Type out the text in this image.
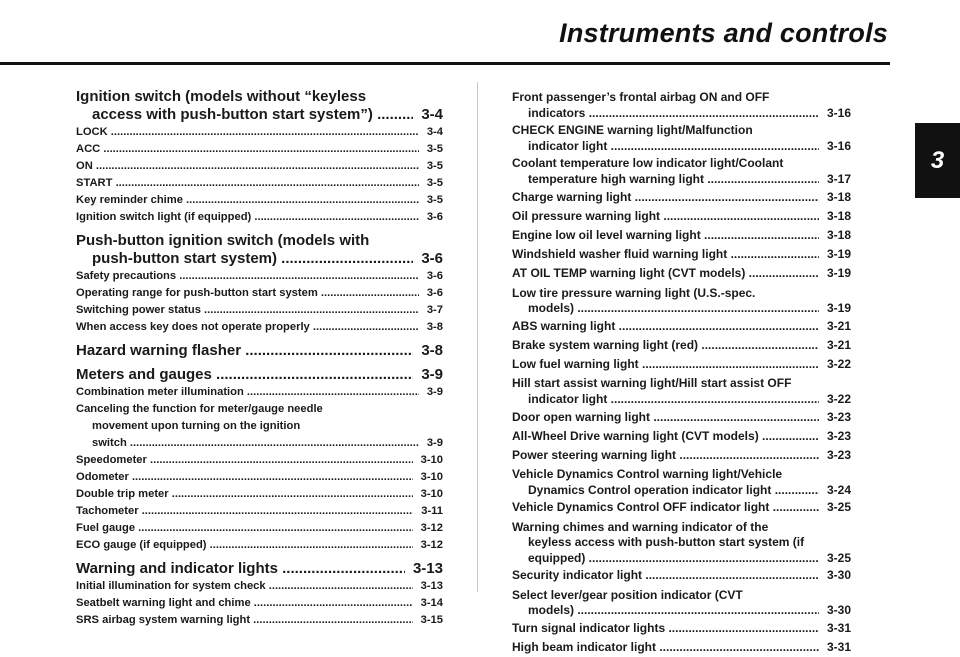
Instruments and controls
3
Ignition switch (models without “keyless
access with push-button start system”) .....	3-4
LOCK .....	3-4
ACC .....	3-5
ON .....	3-5
START .....	3-5
Key reminder chime .....	3-5
Ignition switch light (if equipped) .....	3-6
Push-button ignition switch (models with
push-button start system) .....	3-6
Safety precautions .....	3-6
Operating range for push-button start system .....	3-6
Switching power status .....	3-7
When access key does not operate properly .....	3-8
Hazard warning flasher .....	3-8
Meters and gauges .....	3-9
Combination meter illumination .....	3-9
Canceling the function for meter/gauge needle
movement upon turning on the ignition
switch .....	3-9
Speedometer .....	3-10
Odometer .....	3-10
Double trip meter .....	3-10
Tachometer .....	3-11
Fuel gauge .....	3-12
ECO gauge (if equipped) .....	3-12
Warning and indicator lights .....	3-13
Initial illumination for system check .....	3-13
Seatbelt warning light and chime .....	3-14
SRS airbag system warning light .....	3-15
Front passenger’s frontal airbag ON and OFF
indicators .....	3-16
CHECK ENGINE warning light/Malfunction
indicator light .....	3-16
Coolant temperature low indicator light/Coolant
temperature high warning light .....	3-17
Charge warning light .....	3-18
Oil pressure warning light .....	3-18
Engine low oil level warning light .....	3-18
Windshield washer fluid warning light .....	3-19
AT OIL TEMP warning light (CVT models) .....	3-19
Low tire pressure warning light (U.S.-spec.
models) .....	3-19
ABS warning light .....	3-21
Brake system warning light (red) .....	3-21
Low fuel warning light .....	3-22
Hill start assist warning light/Hill start assist OFF
indicator light .....	3-22
Door open warning light .....	3-23
All-Wheel Drive warning light (CVT models) .....	3-23
Power steering warning light .....	3-23
Vehicle Dynamics Control warning light/Vehicle
Dynamics Control operation indicator light .....	3-24
Vehicle Dynamics Control OFF indicator light .....	3-25
Warning chimes and warning indicator of the
keyless access with push-button start system (if
equipped) .....	3-25
Security indicator light .....	3-30
Select lever/gear position indicator (CVT
models) .....	3-30
Turn signal indicator lights .....	3-31
High beam indicator light .....	3-31
